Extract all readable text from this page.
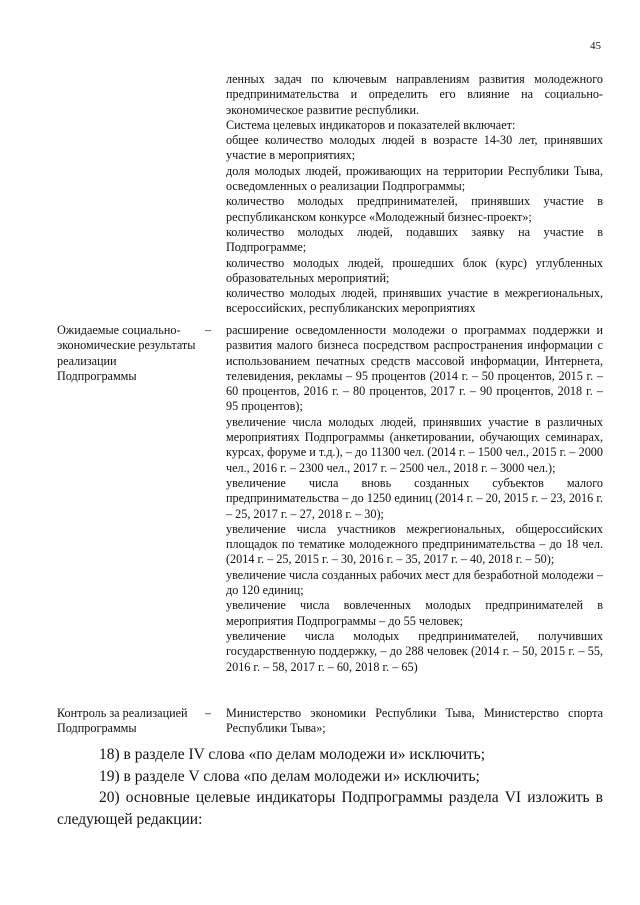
45

ленных задач по ключевым направлениям развития молодежного предпринимательства и определить его влияние на социально-экономическое развитие республики.

Система целевых индикаторов и показателей включает:

общее количество молодых людей в возрасте 14-30 лет, принявших участие в мероприятиях;

доля молодых людей, проживающих на территории Республики Тыва, осведомленных о реализации Подпрограммы;

количество молодых предпринимателей, принявших участие в республиканском конкурсе «Молодежный бизнес-проект»;

количество молодых людей, подавших заявку на участие в Подпрограмме;

количество молодых людей, прошедших блок (курс) углубленных образовательных мероприятий;

количество молодых людей, принявших участие в межрегиональных, всероссийских, республиканских мероприятиях

Ожидаемые социально-экономические результаты реализации Подпрограммы
– расширение осведомленности молодежи о программах поддержки и развития малого бизнеса посредством распространения информации с использованием печатных средств массовой информации, Интернета, телевидения, рекламы – 95 процентов (2014 г. – 50 процентов, 2015 г. – 60 процентов, 2016 г. – 80 процентов, 2017 г. – 90 процентов, 2018 г. – 95 процентов);

увеличение числа молодых людей, принявших участие в различных мероприятиях Подпрограммы (анкетировании, обучающих семинарах, курсах, форуме и т.д.), – до 11300 чел. (2014 г. – 1500 чел., 2015 г. – 2000 чел., 2016 г. – 2300 чел., 2017 г. – 2500 чел., 2018 г. – 3000 чел.);

увеличение числа вновь созданных субъектов малого предпринимательства – до 1250 единиц (2014 г. – 20, 2015 г. – 23, 2016 г. – 25, 2017 г. – 27, 2018 г. – 30);

увеличение числа участников межрегиональных, общероссийских площадок по тематике молодежного предпринимательства – до 18 чел. (2014 г. – 25, 2015 г. – 30, 2016 г. – 35, 2017 г. – 40, 2018 г. – 50);

увеличение числа созданных рабочих мест для безработной молодежи – до 120 единиц;

увеличение числа вовлеченных молодых предпринимателей в мероприятия Подпрограммы – до 55 человек;

увеличение числа молодых предпринимателей, получивших государственную поддержку, – до 288 человек (2014 г. – 50, 2015 г. – 55, 2016 г. – 58, 2017 г. – 60, 2018 г. – 65)

Контроль за реализацией Подпрограммы
– Министерство экономики Республики Тыва, Министерство спорта Республики Тыва»;

18) в разделе IV слова «по делам молодежи и» исключить;

19) в разделе V слова «по делам молодежи и» исключить;

20) основные целевые индикаторы Подпрограммы раздела VI изложить в следующей редакции:
